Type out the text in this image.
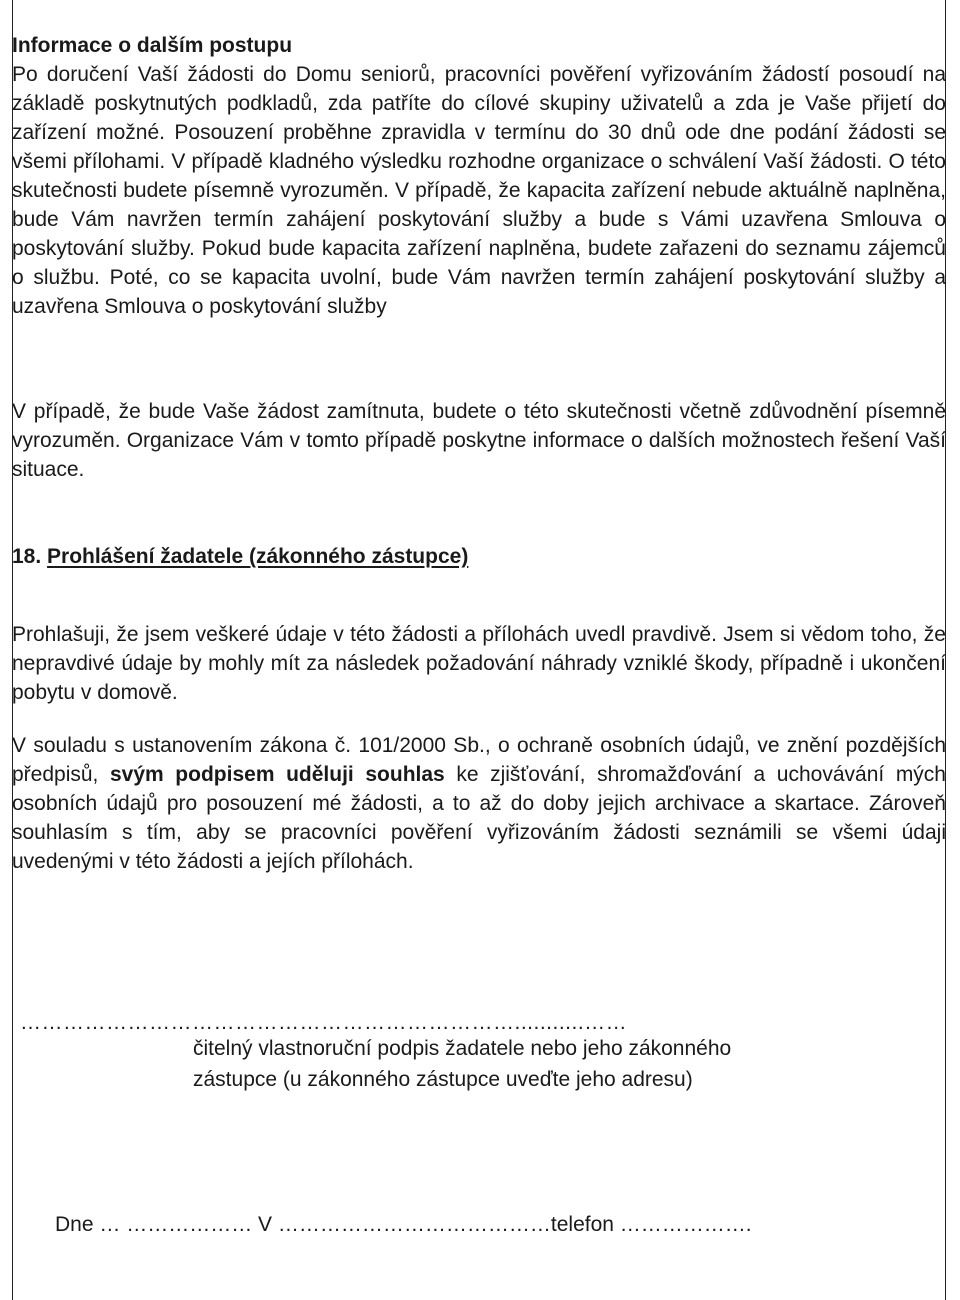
Informace o dalším postupu

Po doručení Vaší žádosti do Domu seniorů, pracovníci pověření vyřizováním žádostí posoudí na základě poskytnutých podkladů, zda patříte do cílové skupiny uživatelů a zda je Vaše přijetí do zařízení možné. Posouzení proběhne zpravidla v termínu do 30 dnů ode dne podání žádosti se všemi přílohami. V případě kladného výsledku rozhodne organizace o schválení Vaší žádosti. O této skutečnosti budete písemně vyrozuměn. V případě, že kapacita zařízení nebude aktuálně naplněna, bude Vám navržen termín zahájení poskytování služby a bude s Vámi uzavřena Smlouva o poskytování služby. Pokud bude kapacita zařízení naplněna, budete zařazeni do seznamu zájemců o službu. Poté, co se kapacita uvolní, bude Vám navržen termín zahájení poskytování služby a uzavřena Smlouva o poskytování služby

V případě, že bude Vaše žádost zamítnuta, budete o této skutečnosti včetně zdůvodnění písemně vyrozuměn. Organizace Vám v tomto případě poskytne informace o dalších možnostech řešení Vaší situace.

18. Prohlášení žadatele (zákonného zástupce)

Prohlašuji, že jsem veškeré údaje v této žádosti a přílohách uvedl pravdivě. Jsem si vědom toho, že nepravdivé údaje by mohly mít za následek požadování náhrady vzniklé škody, případně i ukončení pobytu v domově.

V souladu s ustanovením zákona č. 101/2000 Sb., o ochraně osobních údajů, ve znění pozdějších předpisů, svým podpisem uděluji souhlas ke zjišťování, shromažďování a uchovávání mých osobních údajů pro posouzení mé žádosti, a to až do doby jejich archivace a skartace. Zároveň souhlasím s tím, aby se pracovníci pověření vyřizováním žádosti seznámili se všemi údaji uvedenými v této žádosti a jejích přílohách.

……………………………………………………………...........……
čitelný vlastnoruční podpis žadatele nebo jeho zákonného
zástupce (u zákonného zástupce uveďte jeho adresu)
Dne … ……………… V …………………………………telefon ……………….
